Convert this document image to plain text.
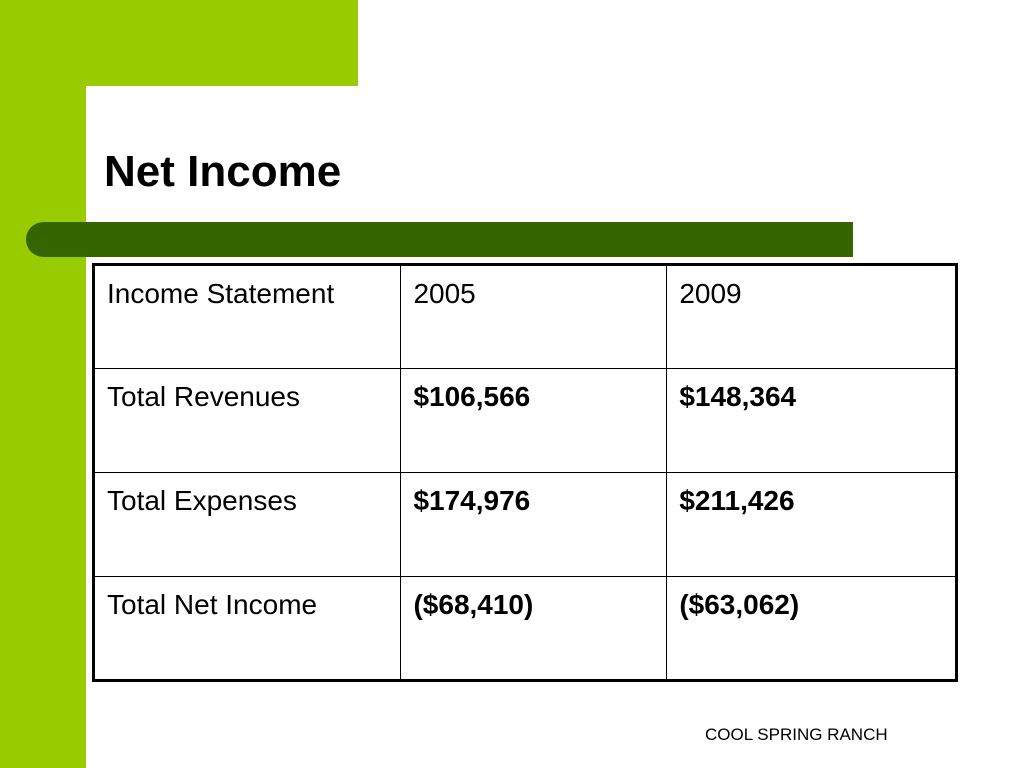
Net Income
Income Statement	2005	2009
Total Revenues	$106,566	$148,364
Total Expenses	$174,976	$211,426
Total Net Income	($68,410)	($63,062)
COOL SPRING RANCH
